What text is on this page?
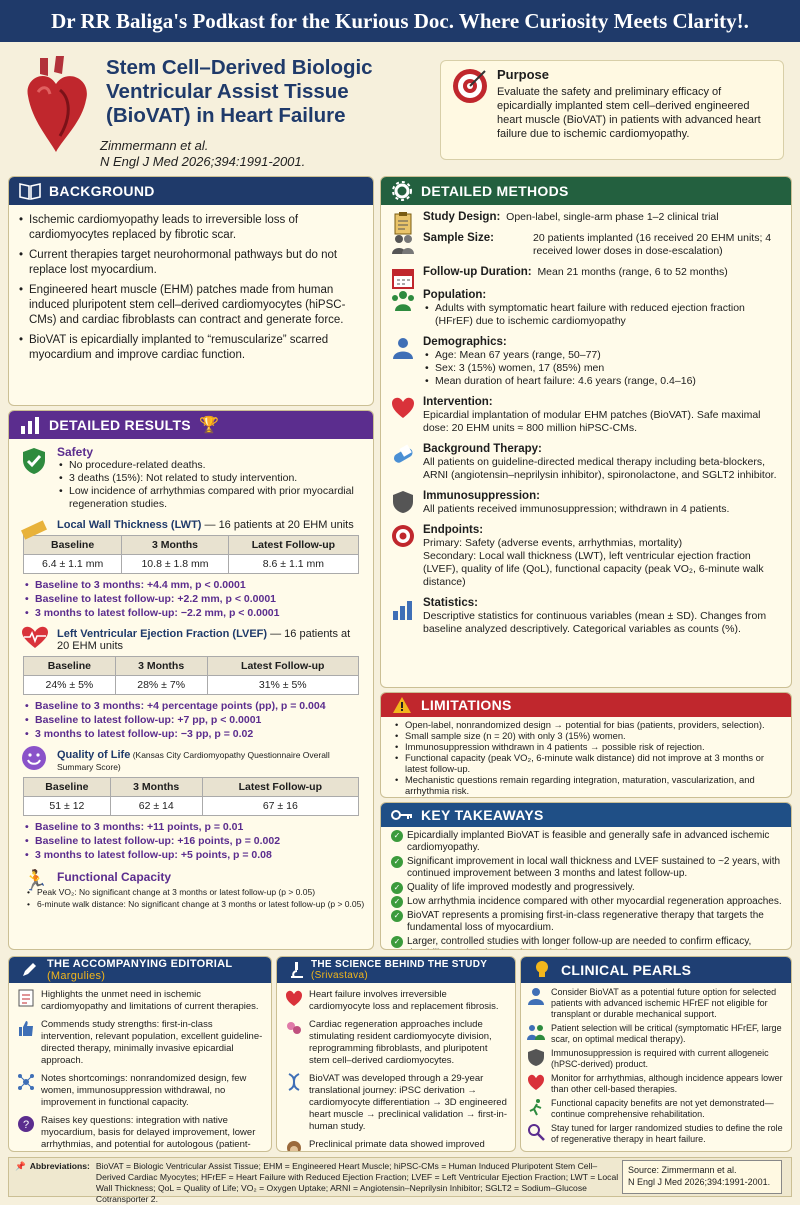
Dr RR Baliga's Podkast for the Kurious Doc. Where Curiosity Meets Clarity!.
Stem Cell–Derived Biologic Ventricular Assist Tissue (BioVAT) in Heart Failure
Zimmermann et al.
N Engl J Med 2026;394:1991-2001.
Purpose

Evaluate the safety and preliminary efficacy of epicardially implanted stem cell–derived engineered heart muscle (BioVAT) in patients with advanced heart failure due to ischemic cardiomyopathy.

BACKGROUND
• Ischemic cardiomyopathy leads to irreversible loss of cardiomyocytes replaced by fibrotic scar.
• Current therapies target neurohormonal pathways but do not replace lost myocardium.
• Engineered heart muscle (EHM) patches made from human induced pluripotent stem cell–derived cardiomyocytes (hiPSC-CMs) and cardiac fibroblasts can contract and generate force.
• BioVAT is epicardially implanted to “remuscularize” scarred myocardium and improve cardiac function.
DETAILED RESULTS 🏆
Safety
• No procedure-related deaths.
• 3 deaths (15%): Not related to study intervention.
• Low incidence of arrhythmias compared with prior myocardial regeneration studies.
Local Wall Thickness (LWT) — 16 patients at 20 EHM units
Baseline	3 Months	Latest Follow-up
6.4 ± 1.1 mm	10.8 ± 1.8 mm	8.6 ± 1.1 mm
• Baseline to 3 months: +4.4 mm, p < 0.0001
• Baseline to latest follow-up: +2.2 mm, p < 0.0001
• 3 months to latest follow-up: −2.2 mm, p < 0.0001
Left Ventricular Ejection Fraction (LVEF) — 16 patients at 20 EHM units
Baseline	3 Months	Latest Follow-up
24% ± 5%	28% ± 7%	31% ± 5%
• Baseline to 3 months: +4 percentage points (pp), p = 0.004
• Baseline to latest follow-up: +7 pp, p < 0.0001
• 3 months to latest follow-up: −3 pp, p = 0.02
Quality of Life (Kansas City Cardiomyopathy Questionnaire Overall Summary Score)
Baseline	3 Months	Latest Follow-up
51 ± 12	62 ± 14	67 ± 16
• Baseline to 3 months: +11 points, p = 0.01
• Baseline to latest follow-up: +16 points, p = 0.002
• 3 months to latest follow-up: +5 points, p = 0.08
🏃 Functional Capacity
• Peak VO₂: No significant change at 3 months or latest follow-up (p > 0.05)
• 6-minute walk distance: No significant change at 3 months or latest follow-up (p > 0.05)
DETAILED METHODS
Study Design: Open-label, single-arm phase 1–2 clinical trial
Sample Size:	20 patients implanted (16 received 20 EHM units; 4 received lower doses in dose-escalation)
Follow-up Duration: Mean 21 months (range, 6 to 52 months)
Population:
• Adults with symptomatic heart failure with reduced ejection fraction (HFrEF) due to ischemic cardiomyopathy
Demographics:
• Age: Mean 67 years (range, 50–77)
• Sex: 3 (15%) women, 17 (85%) men
• Mean duration of heart failure: 4.6 years (range, 0.4–16)
Intervention:
Epicardial implantation of modular EHM patches (BioVAT). Safe maximal dose: 20 EHM units ≈ 800 million hiPSC-CMs.
Background Therapy:
All patients on guideline-directed medical therapy including beta-blockers, ARNI (angiotensin–neprilysin inhibitor), spironolactone, and SGLT2 inhibitor.
Immunosuppression:
All patients received immunosuppression; withdrawn in 4 patients.
Endpoints:
Primary: Safety (adverse events, arrhythmias, mortality)
Secondary: Local wall thickness (LWT), left ventricular ejection fraction (LVEF), quality of life (QoL), functional capacity (peak VO₂, 6-minute walk distance)
Statistics:
Descriptive statistics for continuous variables (mean ± SD). Changes from baseline analyzed descriptively. Categorical variables as counts (%).
LIMITATIONS
• Open-label, nonrandomized design → potential for bias (patients, providers, selection).
• Small sample size (n = 20) with only 3 (15%) women.
• Immunosuppression withdrawn in 4 patients → possible risk of rejection.
• Functional capacity (peak VO₂, 6-minute walk distance) did not improve at 3 months or latest follow-up.
• Mechanistic questions remain regarding integration, maturation, vascularization, and arrhythmia risk.
KEY TAKEAWAYS
✓ Epicardially implanted BioVAT is feasible and generally safe in advanced ischemic cardiomyopathy.
✓ Significant improvement in local wall thickness and LVEF sustained to ~2 years, with continued improvement between 3 months and latest follow-up.
✓ Quality of life improved modestly and progressively.
✓ Low arrhythmia incidence compared with other myocardial regeneration approaches.
✓ BioVAT represents a promising first-in-class regenerative therapy that targets the fundamental loss of myocardium.
✓ Larger, controlled studies with longer follow-up are needed to confirm efficacy,
THE ACCOMPANYING EDITORIAL (Margulies)
Highlights the unmet need in ischemic cardiomyopathy and limitations of current therapies.
Commends study strengths: first-in-class intervention, relevant population, excellent guideline-directed therapy, minimally invasive epicardial approach.
Notes shortcomings: nonrandomized design, few women, immunosuppression withdrawal, no improvement in functional capacity.
? Raises key questions: integration with native myocardium, basis for delayed improvement, lower arrhythmias, and potential for autologous (patient-
THE SCIENCE BEHIND THE STUDY (Srivastava)
Heart failure involves irreversible cardiomyocyte loss and replacement fibrosis.
Cardiac regeneration approaches include stimulating resident cardiomyocyte division, reprogramming fibroblasts, and pluripotent stem cell–derived cardiomyocytes.
BioVAT was developed through a 29-year translational journey: iPSC derivation → cardiomyocyte differentiation → 3D engineered heart muscle → preclinical validation → first-in-human study.
Preclinical primate data showed improved
CLINICAL PEARLS
Consider BioVAT as a potential future option for selected patients with advanced ischemic HFrEF not eligible for transplant or durable mechanical support.
Patient selection will be critical (symptomatic HFrEF, large scar, on optimal medical therapy).
Immunosuppression is required with current allogeneic (hPSC-derived) product.
Monitor for arrhythmias, although incidence appears lower than other cell-based therapies.
Functional capacity benefits are not yet demonstrated—continue comprehensive rehabilitation.
Stay tuned for larger randomized studies to define the role of regenerative therapy in heart failure.
📌 Abbreviations: BioVAT = Biologic Ventricular Assist Tissue; EHM = Engineered Heart Muscle; hiPSC-CMs = Human Induced Pluripotent Stem Cell–Derived Cardiac Myocytes; HFrEF = Heart Failure with Reduced Ejection Fraction; LVEF = Left Ventricular Ejection Fraction; LWT = Local Wall Thickness; QoL = Quality of Life; VO₂ = Oxygen Uptake; ARNI = Angiotensin–Neprilysin Inhibitor; SGLT2 = Sodium–Glucose Cotransporter 2.
Source: Zimmermann et al.
N Engl J Med 2026;394:1991-2001.
